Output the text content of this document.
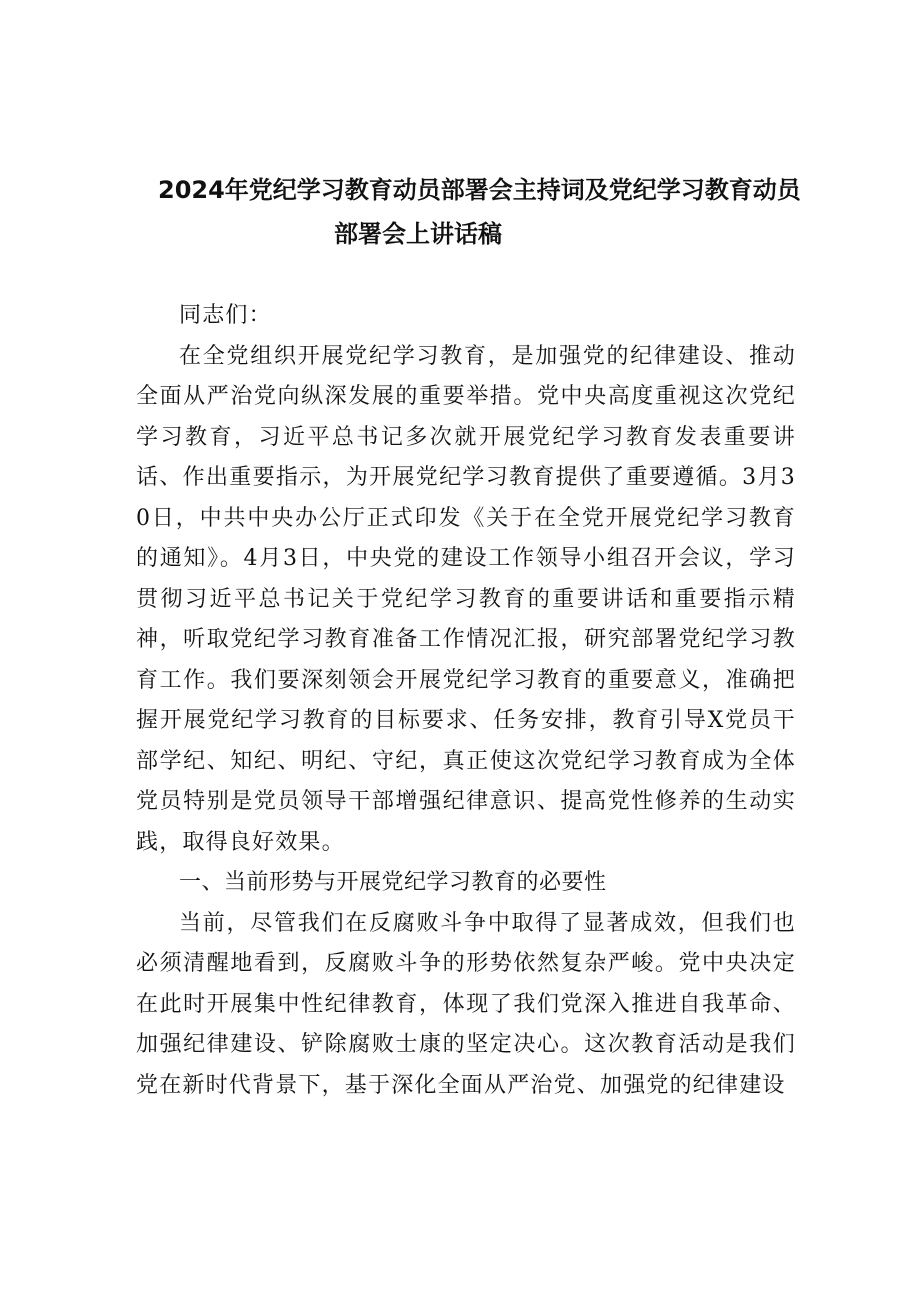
2024年党纪学习教育动员部署会主持词及党纪学习教育动员
部署会上讲话稿

同志们：

在全党组织开展党纪学习教育，是加强党的纪律建设、推动全面从严治党向纵深发展的重要举措。党中央高度重视这次党纪学习教育，习近平总书记多次就开展党纪学习教育发表重要讲话、作出重要指示，为开展党纪学习教育提供了重要遵循。3月30日，中共中央办公厅正式印发《关于在全党开展党纪学习教育的通知》。4月3日，中央党的建设工作领导小组召开会议，学习贯彻习近平总书记关于党纪学习教育的重要讲话和重要指示精神，听取党纪学习教育准备工作情况汇报，研究部署党纪学习教育工作。我们要深刻领会开展党纪学习教育的重要意义，准确把握开展党纪学习教育的目标要求、任务安排，教育引导X党员干部学纪、知纪、明纪、守纪，真正使这次党纪学习教育成为全体党员特别是党员领导干部增强纪律意识、提高党性修养的生动实践，取得良好效果。

一、当前形势与开展党纪学习教育的必要性

当前，尽管我们在反腐败斗争中取得了显著成效，但我们也必须清醒地看到，反腐败斗争的形势依然复杂严峻。党中央决定在此时开展集中性纪律教育，体现了我们党深入推进自我革命、加强纪律建设、铲除腐败士康的坚定决心。这次教育活动是我们党在新时代背景下，基于深化全面从严治党、加强党的纪律建设
